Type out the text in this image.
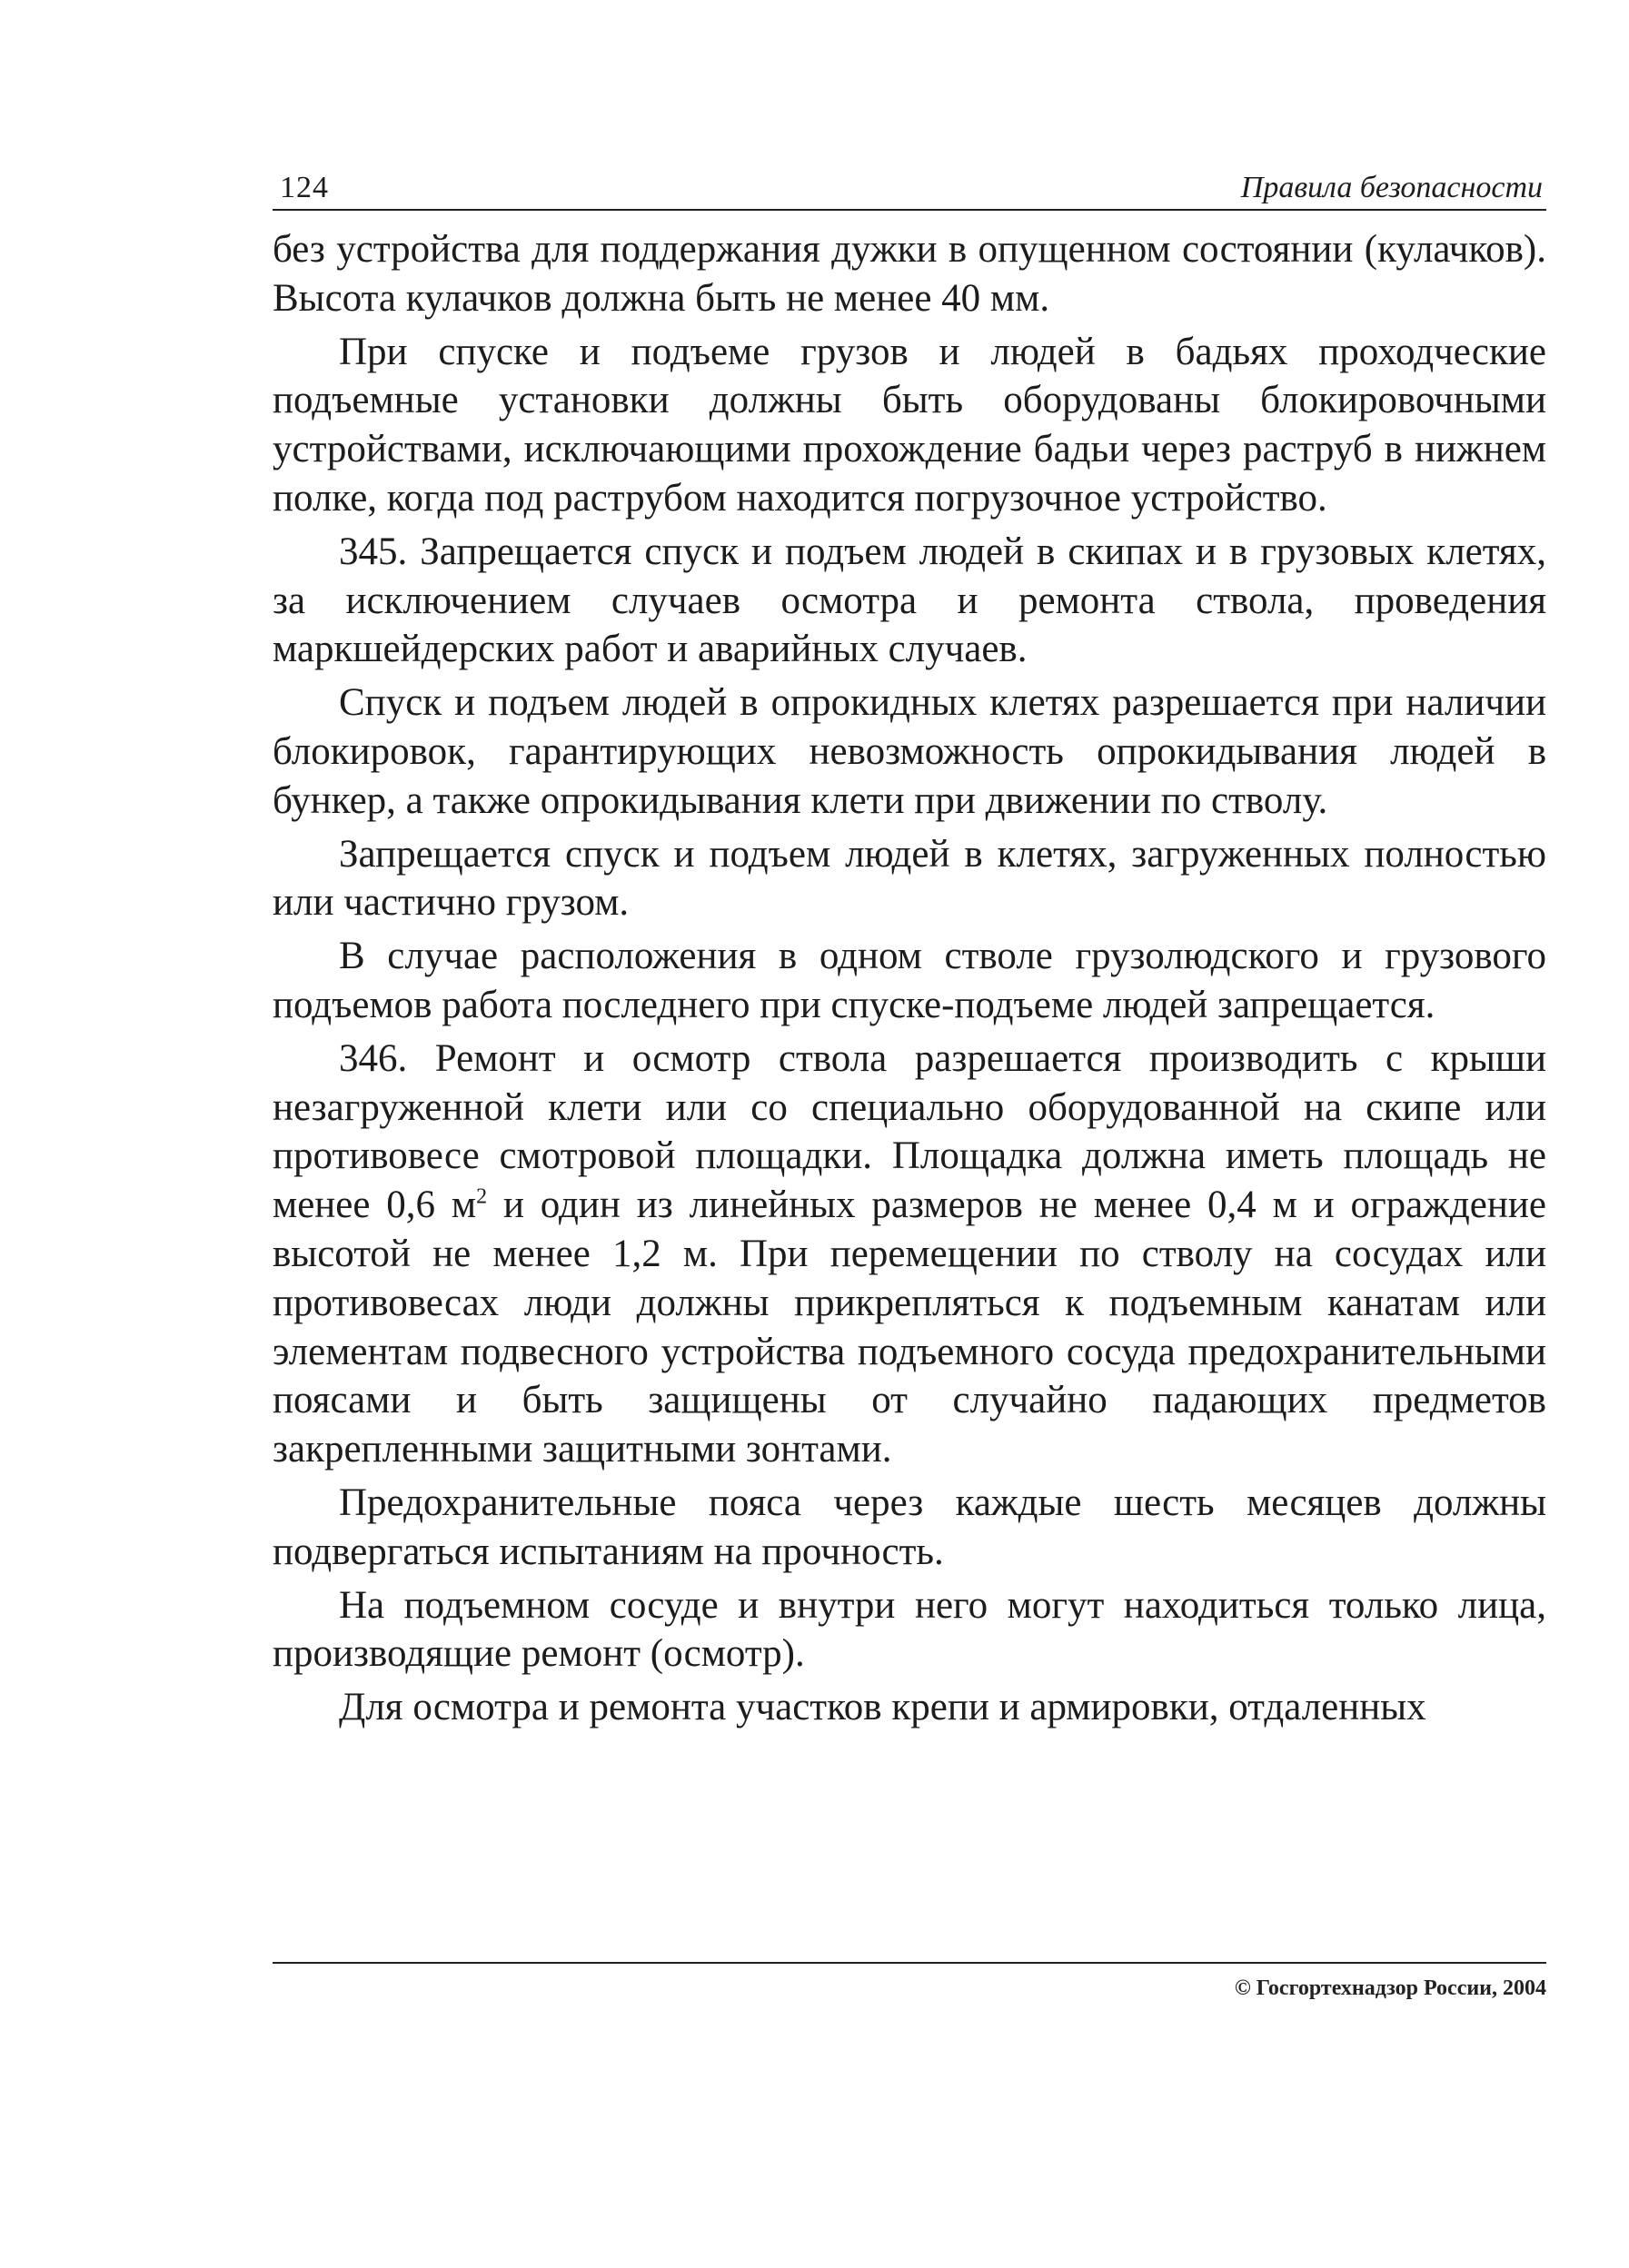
124	Правила безопасности

без устройства для поддержания дужки в опущенном состоянии (кулачков). Высота кулачков должна быть не менее 40 мм.

При спуске и подъеме грузов и людей в бадьях проходческие подъемные установки должны быть оборудованы блокировочными устройствами, исключающими прохождение бадьи через раструб в нижнем полке, когда под раструбом находится погрузочное устройство.

345. Запрещается спуск и подъем людей в скипах и в грузовых клетях, за исключением случаев осмотра и ремонта ствола, проведения маркшейдерских работ и аварийных случаев.

Спуск и подъем людей в опрокидных клетях разрешается при наличии блокировок, гарантирующих невозможность опрокидывания людей в бункер, а также опрокидывания клети при движении по стволу.

Запрещается спуск и подъем людей в клетях, загруженных полностью или частично грузом.

В случае расположения в одном стволе грузолюдского и грузового подъемов работа последнего при спуске-подъеме людей запрещается.

346. Ремонт и осмотр ствола разрешается производить с крыши незагруженной клети или со специально оборудованной на скипе или противовесе смотровой площадки. Площадка должна иметь площадь не менее 0,6 $м^2$ и один из линейных размеров не менее 0,4 м и ограждение высотой не менее 1,2 м. При перемещении по стволу на сосудах или противовесах люди должны прикрепляться к подъемным канатам или элементам подвесного устройства подъемного сосуда предохранительными поясами и быть защищены от случайно падающих предметов закрепленными защитными зонтами.

Предохранительные пояса через каждые шесть месяцев должны подвергаться испытаниям на прочность.

На подъемном сосуде и внутри него могут находиться только лица, производящие ремонт (осмотр).

Для осмотра и ремонта участков крепи и армировки, отдаленных

© Госгортехнадзор России, 2004
